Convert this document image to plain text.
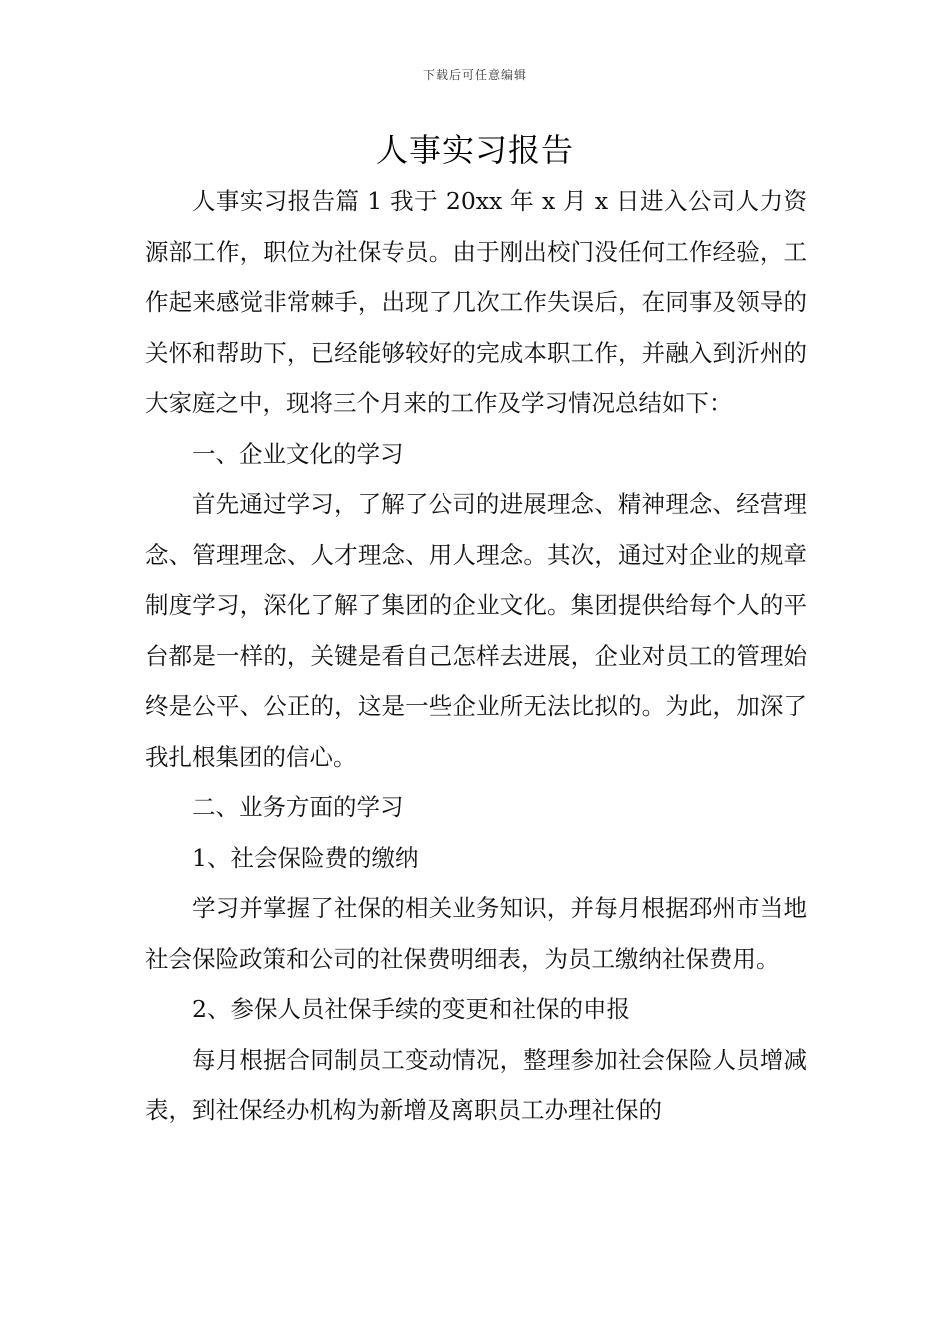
下载后可任意编辑
人事实习报告

人事实习报告篇 1 我于 20xx 年 x 月 x 日进入公司人力资源部工作，职位为社保专员。由于刚出校门没任何工作经验，工作起来感觉非常棘手，出现了几次工作失误后，在同事及领导的关怀和帮助下，已经能够较好的完成本职工作，并融入到沂州的大家庭之中，现将三个月来的工作及学习情况总结如下：

一、企业文化的学习

首先通过学习，了解了公司的进展理念、精神理念、经营理念、管理理念、人才理念、用人理念。其次，通过对企业的规章制度学习，深化了解了集团的企业文化。集团提供给每个人的平台都是一样的，关键是看自己怎样去进展，企业对员工的管理始终是公平、公正的，这是一些企业所无法比拟的。为此，加深了我扎根集团的信心。

二、业务方面的学习

1、社会保险费的缴纳

学习并掌握了社保的相关业务知识，并每月根据邳州市当地社会保险政策和公司的社保费明细表，为员工缴纳社保费用。

2、参保人员社保手续的变更和社保的申报

每月根据合同制员工变动情况，整理参加社会保险人员增减表，到社保经办机构为新增及离职员工办理社保的
